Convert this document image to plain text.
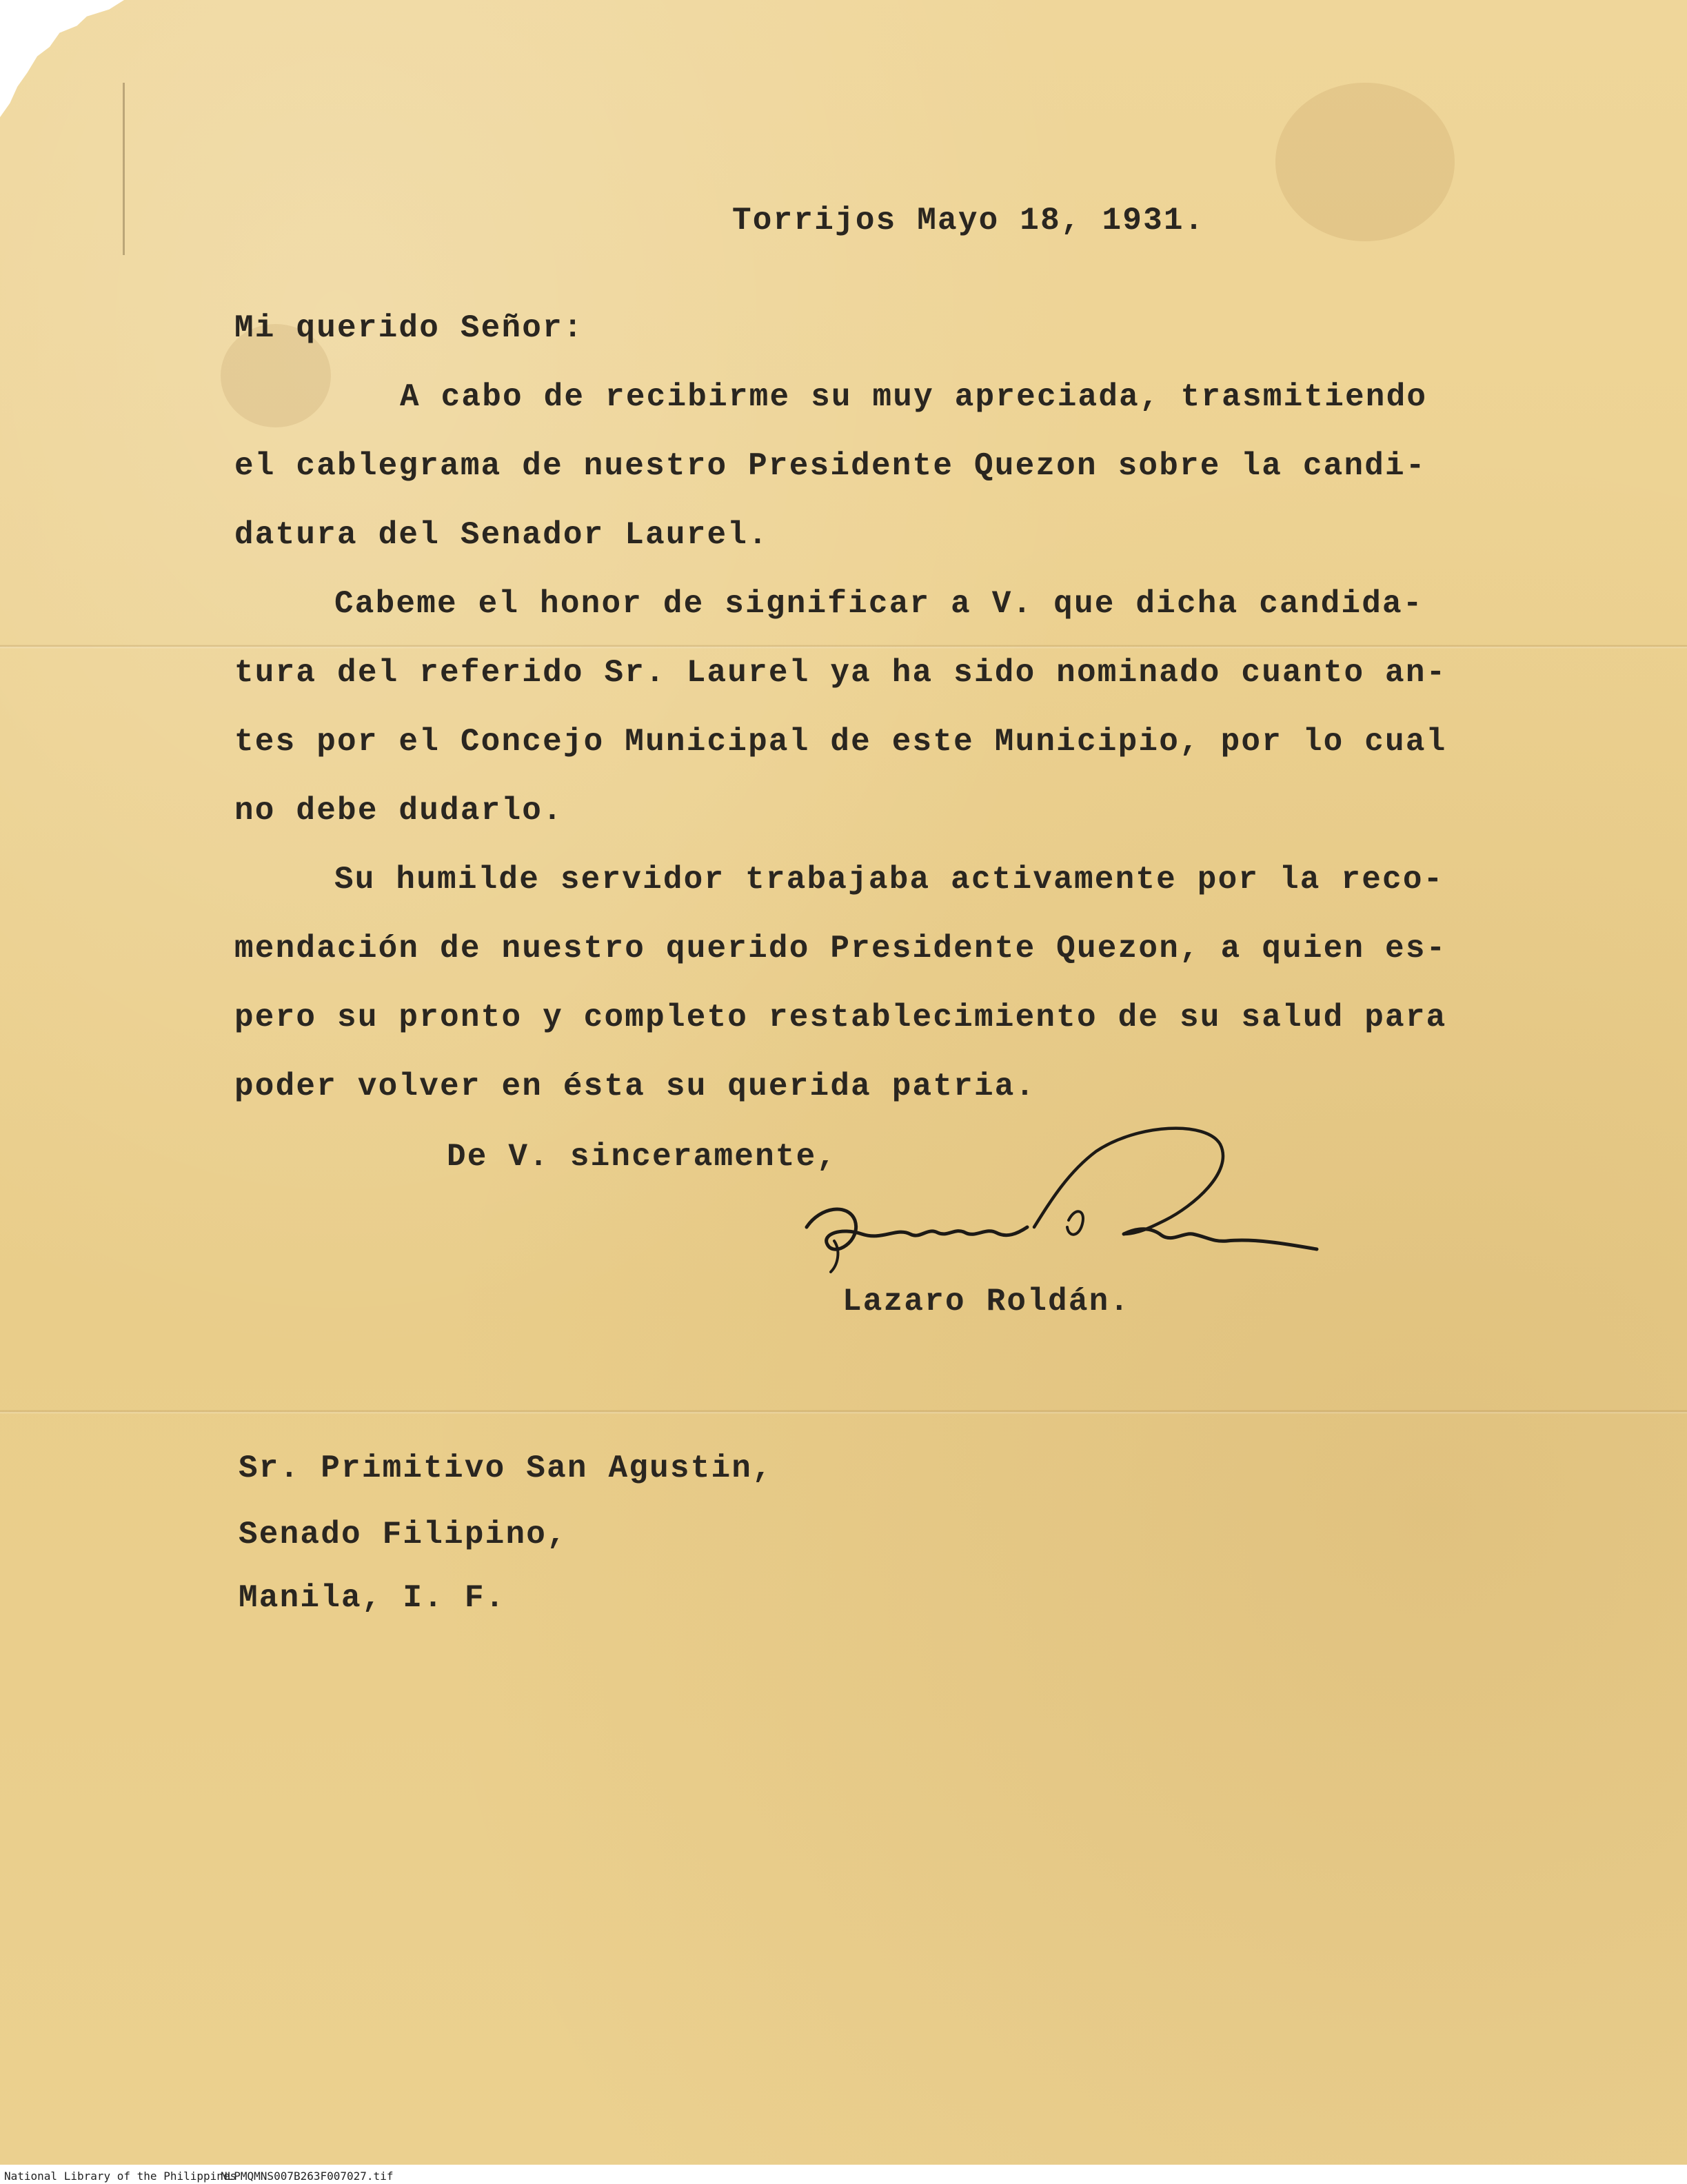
Torrijos Mayo 18, 1931.

Mi querido Señor:

A cabo de recibirme su muy apreciada, trasmitiendo

el cablegrama de nuestro Presidente Quezon sobre la candi-

datura del Senador Laurel.

Cabeme el honor de significar a V. que dicha candida-

tura del referido Sr. Laurel ya ha sido nominado cuanto an-

tes por el Concejo Municipal de este Municipio, por lo cual

no debe dudarlo.

Su humilde servidor trabajaba activamente por la reco-

mendación de nuestro querido Presidente Quezon, a quien es-

pero su pronto y completo restablecimiento de su salud para

poder volver en ésta su querida patria.

De V. sinceramente,

Lazaro Roldán.

Sr. Primitivo San Agustin,

Senado Filipino,

Manila, I. F.

National Library of the Philippines
NLPMQMNS007B263F007027.tif
